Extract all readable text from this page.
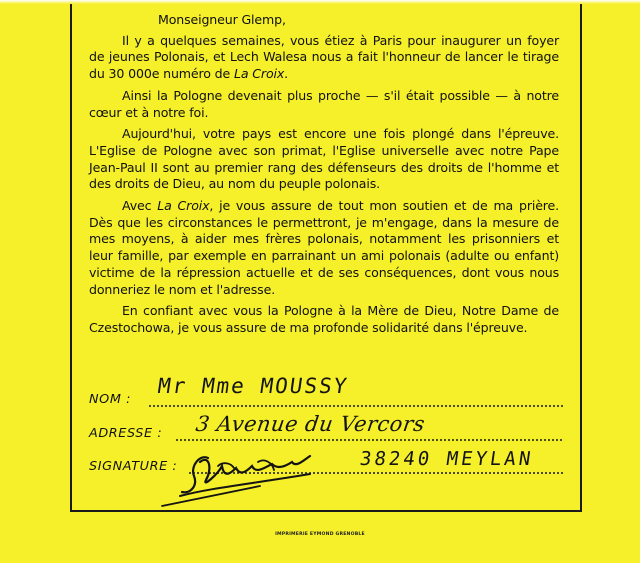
Monseigneur Glemp,

Il y a quelques semaines, vous étiez à Paris pour inaugurer un foyer de jeunes Polonais, et Lech Walesa nous a fait l'honneur de lancer le tirage du 30 000e numéro de La Croix.

Ainsi la Pologne devenait plus proche — s'il était possible — à notre cœur et à notre foi.

Aujourd'hui, votre pays est encore une fois plongé dans l'épreuve. L'Eglise de Pologne avec son primat, l'Eglise universelle avec notre Pape Jean-Paul II sont au premier rang des défenseurs des droits de l'homme et des droits de Dieu, au nom du peuple polonais.

Avec La Croix, je vous assure de tout mon soutien et de ma prière. Dès que les circonstances le permettront, je m'engage, dans la mesure de mes moyens, à aider mes frères polonais, notamment les prisonniers et leur famille, par exemple en parrainant un ami polonais (adulte ou enfant) victime de la répression actuelle et de ses conséquences, dont vous nous donneriez le nom et l'adresse.

En confiant avec vous la Pologne à la Mère de Dieu, Notre Dame de Czestochowa, je vous assure de ma profonde solidarité dans l'épreuve.

NOM :
Mr Mme MOUSSY
ADRESSE : 3 Avenue du Vercors
SIGNATURE :	38240 MEYLAN
IMPRIMERIE EYMOND GRENOBLE
